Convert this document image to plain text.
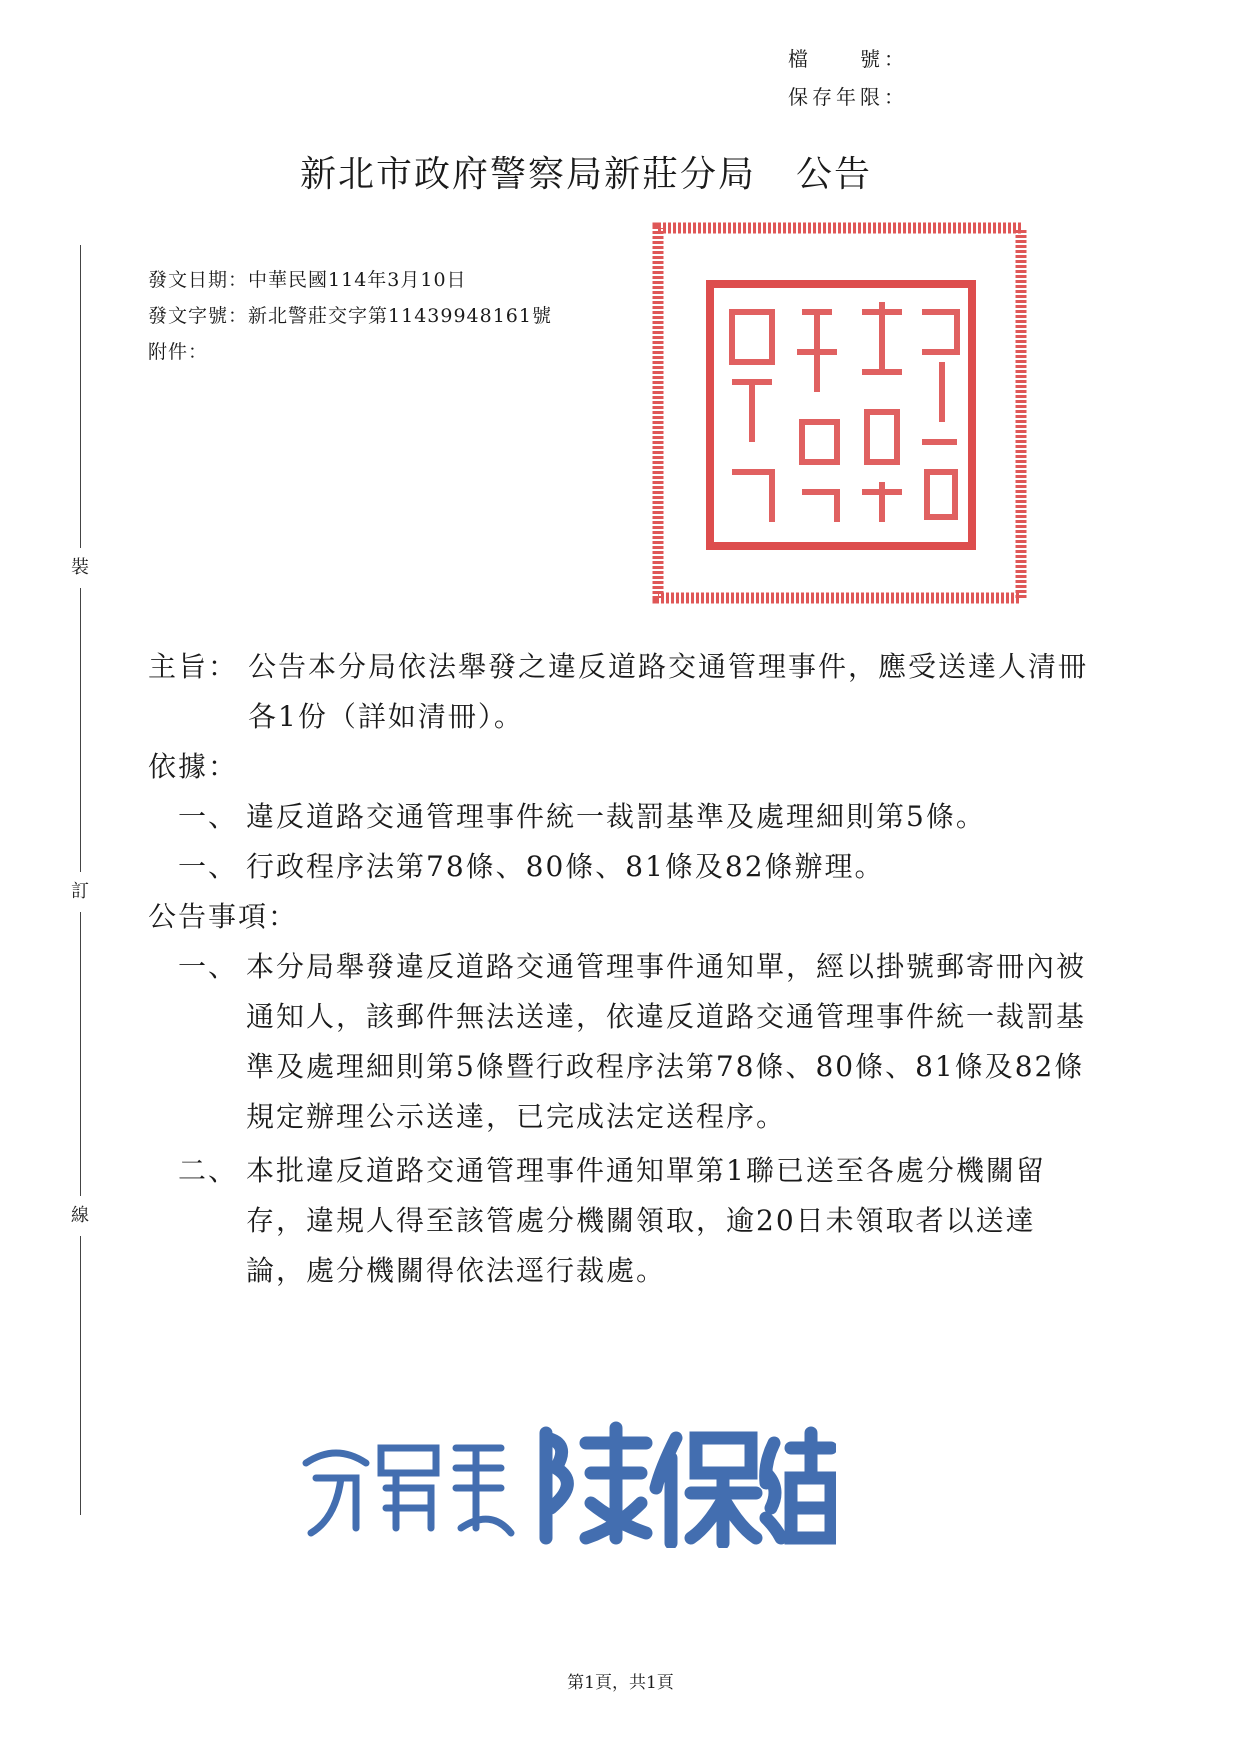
檔　　號：
保存年限：
新北市政府警察局新莊分局 公告
裝
訂
線
發文日期：中華民國114年3月10日
發文字號：新北警莊交字第11439948161號
附件：
主旨： 公告本分局依法舉發之違反道路交通管理事件，應受送達人清冊各1份（詳如清冊）。
依據：
一、 違反道路交通管理事件統一裁罰基準及處理細則第5條。
一、 行政程序法第78條、80條、81條及82條辦理。
公告事項：
一、 本分局舉發違反道路交通管理事件通知單，經以掛號郵寄冊內被通知人，該郵件無法送達，依違反道路交通管理事件統一裁罰基準及處理細則第5條暨行政程序法第78條、80條、81條及82條規定辦理公示送達，已完成法定送程序。
二、 本批違反道路交通管理事件通知單第1聯已送至各處分機關留存，違規人得至該管處分機關領取，逾20日未領取者以送達論，處分機關得依法逕行裁處。
第1頁，共1頁
